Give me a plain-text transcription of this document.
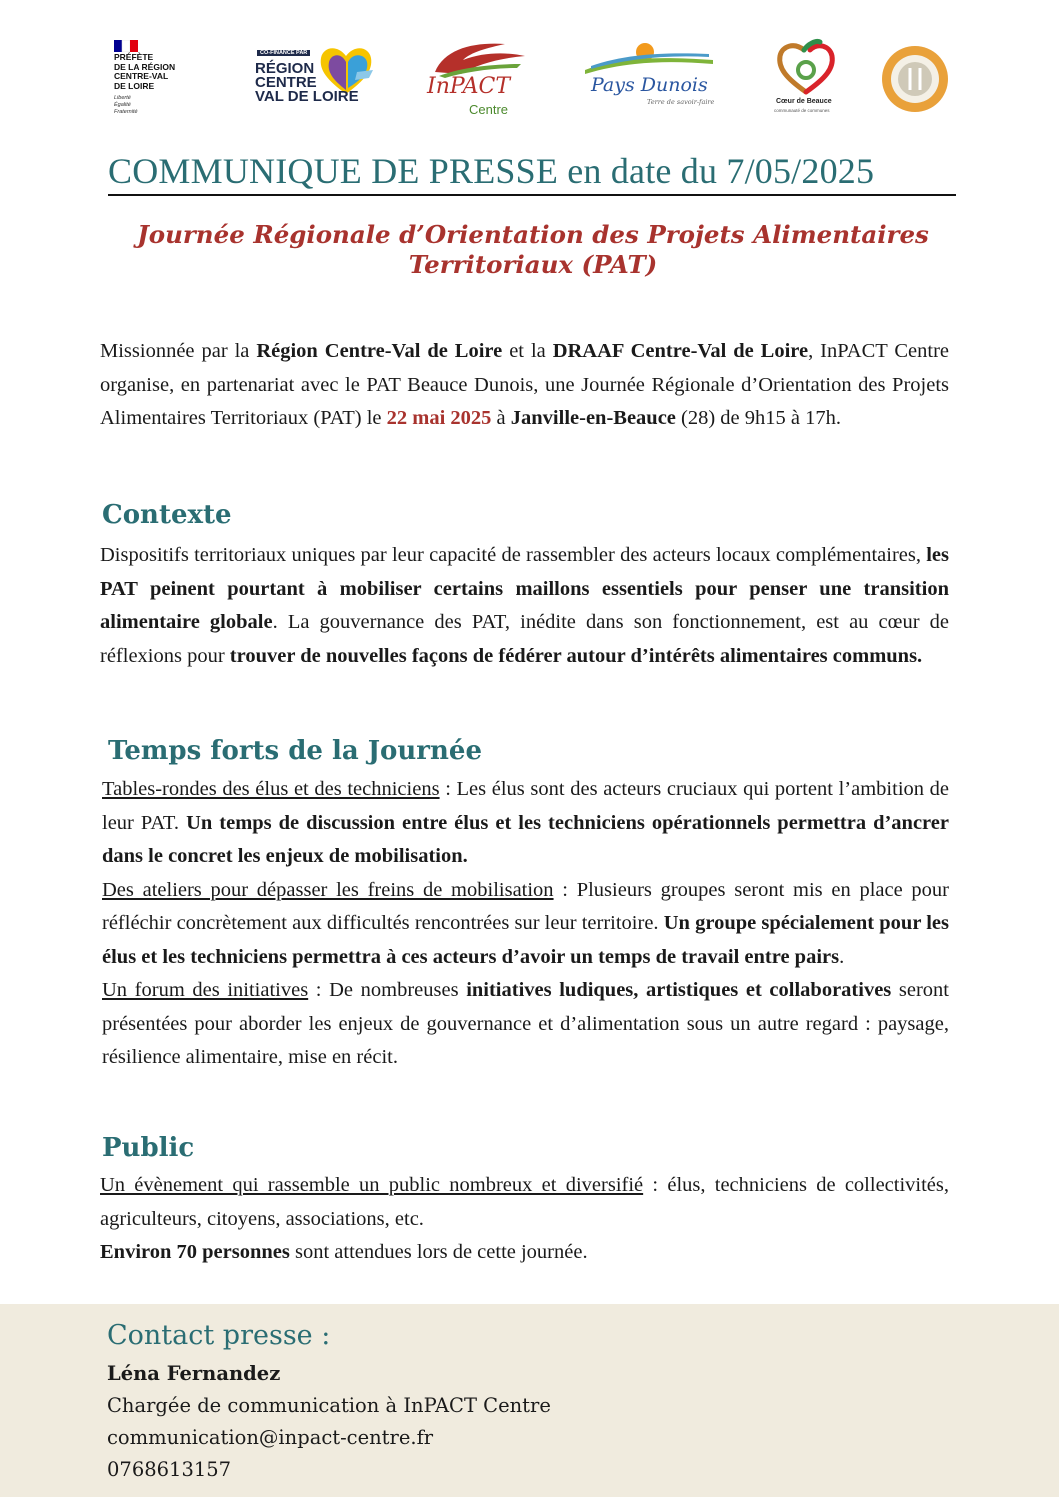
PRÉFÈTE
DE LA RÉGION
CENTRE-VAL
DE LOIRE
Liberté
Égalité
Fraternité
CO-FINANCÉ PAR
RÉGION
CENTRE
VAL DE LOIRE	InPACT
Centre
Pays Dunois
Terre de savoir-faire	Cœur de Beauce
communauté de communes
COMMUNIQUE DE PRESSE en date du 7/05/2025
Journée Régionale d’Orientation des Projets Alimentaires
Territoriaux (PAT)
Missionnée par la Région Centre-Val de Loire et la DRAAF Centre-Val de Loire, InPACT Centre organise, en partenariat avec le PAT Beauce Dunois, une Journée Régionale d’Orientation des Projets Alimentaires Territoriaux (PAT) le 22 mai 2025 à Janville-en-Beauce (28) de 9h15 à 17h.
Contexte
Dispositifs territoriaux uniques par leur capacité de rassembler des acteurs locaux complémentaires, les PAT peinent pourtant à mobiliser certains maillons essentiels pour penser une transition alimentaire globale. La gouvernance des PAT, inédite dans son fonctionnement, est au cœur de réflexions pour trouver de nouvelles façons de fédérer autour d’intérêts alimentaires communs.
Temps forts de la Journée
Tables-rondes des élus et des techniciens : Les élus sont des acteurs cruciaux qui portent l’ambition de leur PAT. Un temps de discussion entre élus et les techniciens opérationnels permettra d’ancrer dans le concret les enjeux de mobilisation.
Des ateliers pour dépasser les freins de mobilisation : Plusieurs groupes seront mis en place pour réfléchir concrètement aux difficultés rencontrées sur leur territoire. Un groupe spécialement pour les élus et les techniciens permettra à ces acteurs d’avoir un temps de travail entre pairs.
Un forum des initiatives : De nombreuses initiatives ludiques, artistiques et collaboratives seront présentées pour aborder les enjeux de gouvernance et d’alimentation sous un autre regard : paysage, résilience alimentaire, mise en récit.
Public
Un évènement qui rassemble un public nombreux et diversifié : élus, techniciens de collectivités, agriculteurs, citoyens, associations, etc.
Environ 70 personnes sont attendues lors de cette journée.
Contact presse :
Léna Fernandez
Chargée de communication à InPACT Centre
communication@inpact-centre.fr
0768613157
